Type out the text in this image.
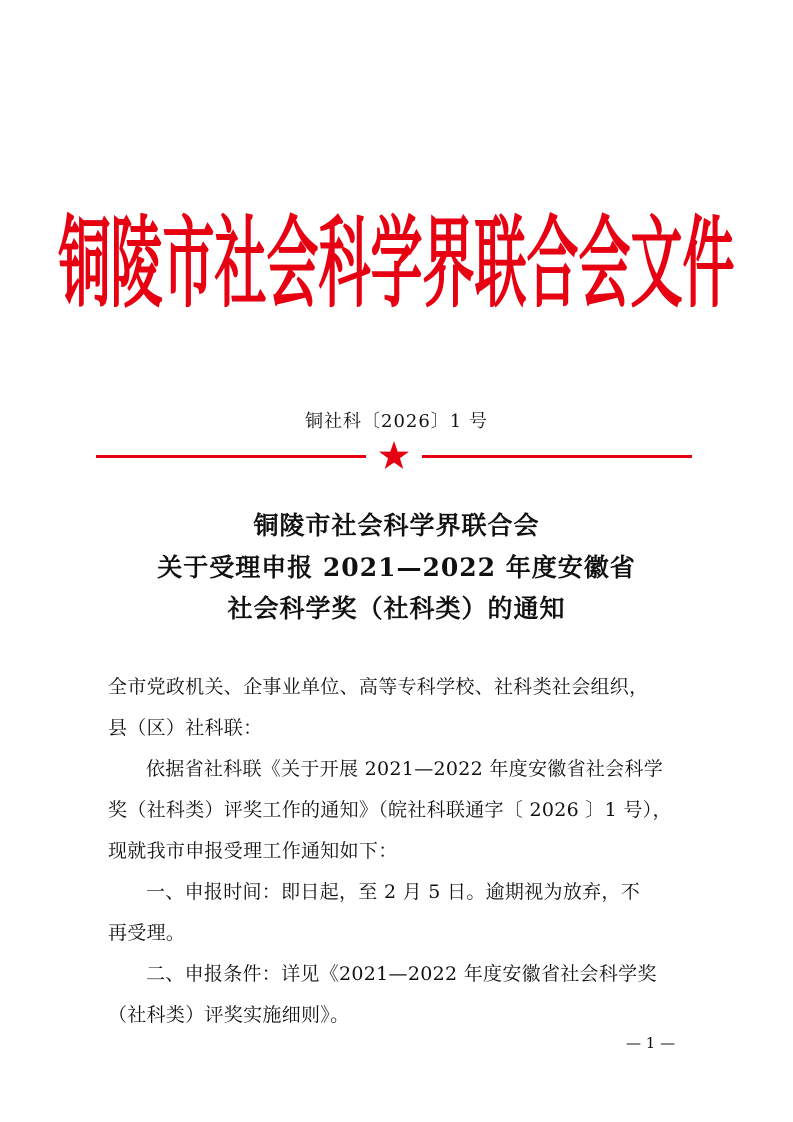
铜陵市社会科学界联合会文件
铜社科〔2026〕1 号
铜陵市社会科学界联合会
关于受理申报 2021—2022 年度安徽省
社会科学奖（社科类）的通知
全市党政机关、企事业单位、高等专科学校、社科类社会组织，
县（区）社科联：
依据省社科联《关于开展 2021—2022 年度安徽省社会科学
奖（社科类）评奖工作的通知》（皖社科联通字〔 2026 〕1 号），
现就我市申报受理工作通知如下：
一、申报时间：即日起，至 2 月 5 日。逾期视为放弃，不
再受理。
二、申报条件：详见《2021—2022 年度安徽省社会科学奖
（社科类）评奖实施细则》。
— 1 —
